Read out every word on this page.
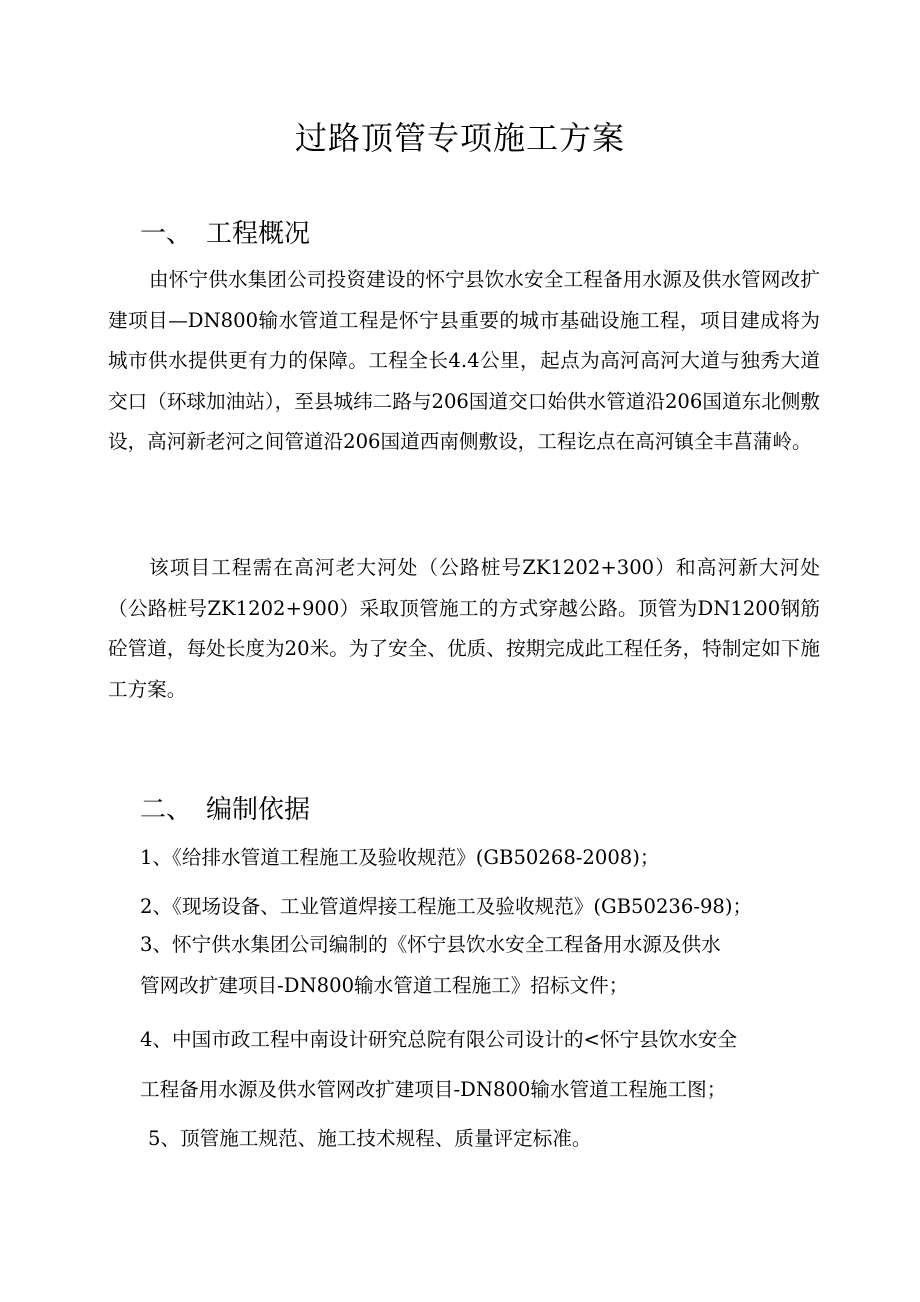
过路顶管专项施工方案
一、 工程概况

由怀宁供水集团公司投资建设的怀宁县饮水安全工程备用水源及供水管网改扩建项目—DN800输水管道工程是怀宁县重要的城市基础设施工程，项目建成将为城市供水提供更有力的保障。工程全长4.4公里，起点为高河高河大道与独秀大道交口（环球加油站），至县城纬二路与206国道交口始供水管道沿206国道东北侧敷设，高河新老河之间管道沿206国道西南侧敷设，工程讫点在高河镇全丰菖蒲岭。

该项目工程需在高河老大河处（公路桩号ZK1202+300）和高河新大河处（公路桩号ZK1202+900）采取顶管施工的方式穿越公路。顶管为DN1200钢筋砼管道，每处长度为20米。为了安全、优质、按期完成此工程任务，特制定如下施工方案。

二、 编制依据

1、《给排水管道工程施工及验收规范》(GB50268-2008)；

2、《现场设备、工业管道焊接工程施工及验收规范》(GB50236-98)；

3、怀宁供水集团公司编制的《怀宁县饮水安全工程备用水源及供水

管网改扩建项目-DN800输水管道工程施工》招标文件；

4、中国市政工程中南设计研究总院有限公司设计的<怀宁县饮水安全

工程备用水源及供水管网改扩建项目-DN800输水管道工程施工图；

5、顶管施工规范、施工技术规程、质量评定标准。
